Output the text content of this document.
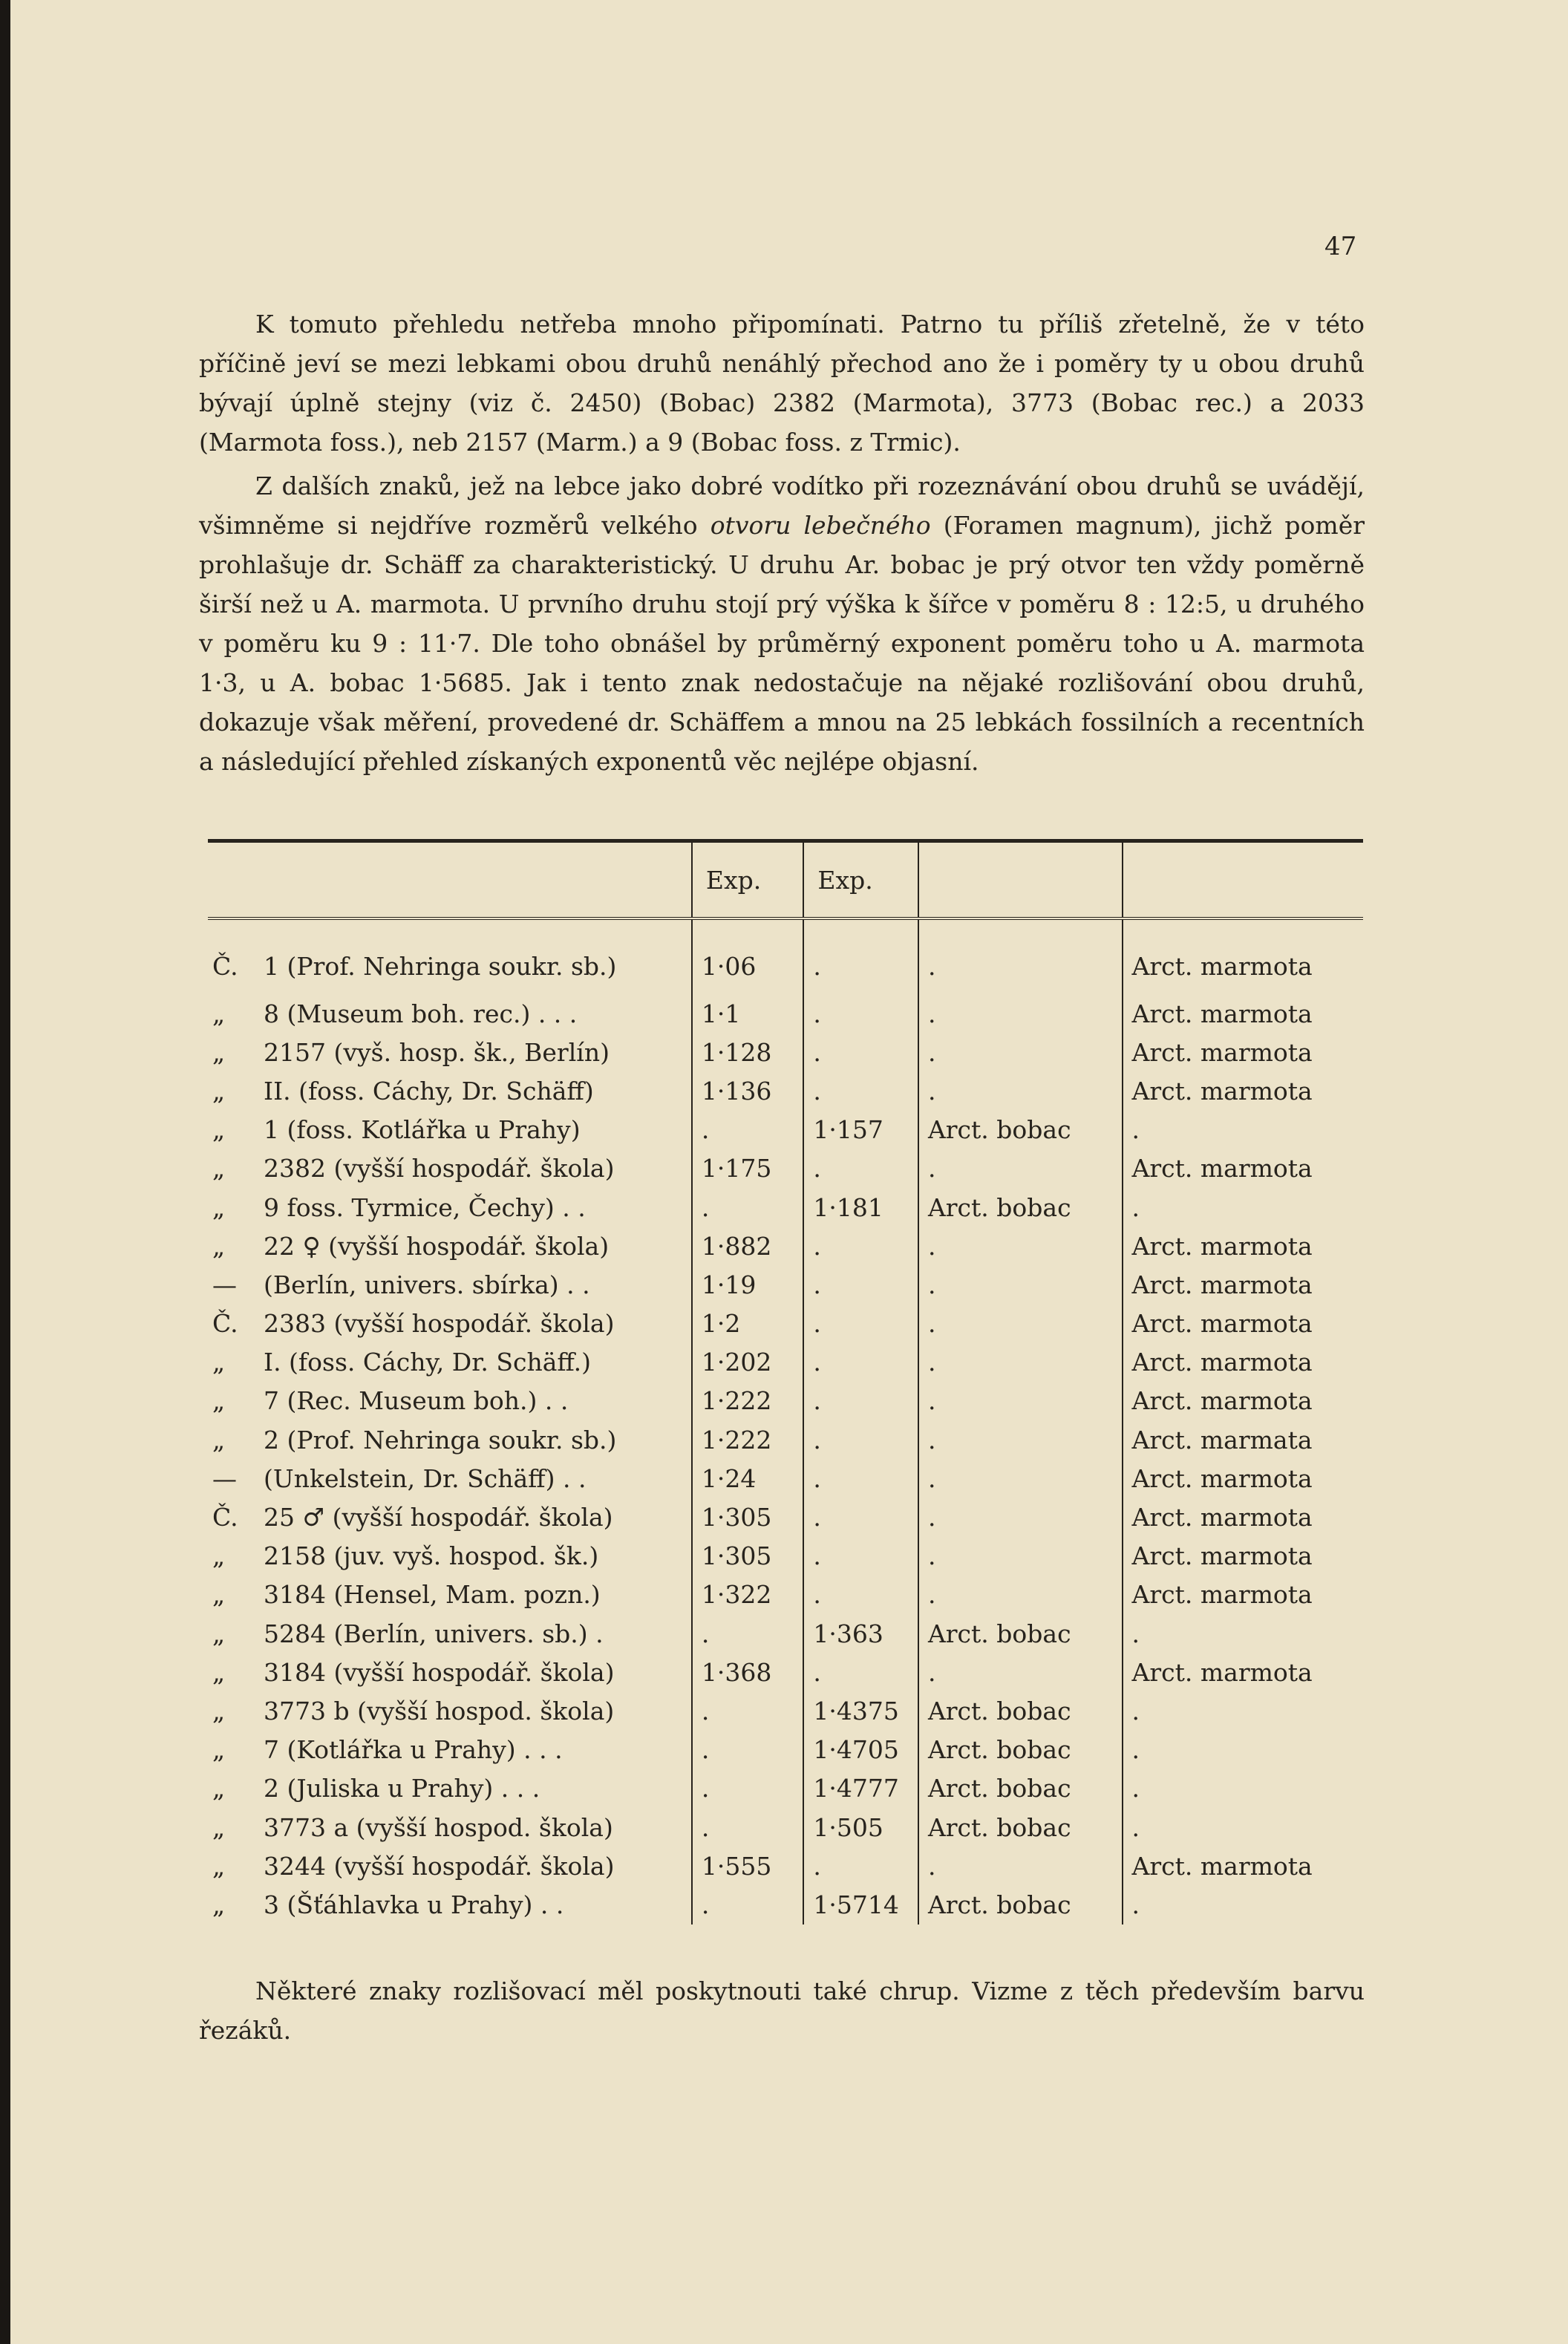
47

K tomuto přehledu netřeba mnoho připomínati. Patrno tu příliš zřetelně, že v této příčině jeví se mezi lebkami obou druhů nenáhlý přechod ano že i poměry ty u obou druhů bývají úplně stejny (viz č. 2450) (Bobac) 2382 (Marmota), 3773 (Bobac rec.) a 2033 (Marmota foss.), neb 2157 (Marm.) a 9 (Bobac foss. z Trmic).

Z dalších znaků, jež na lebce jako dobré vodítko při rozeznávání obou druhů se uvádějí, všimněme si nejdříve rozměrů velkého otvoru lebečného (Foramen magnum), jichž poměr prohlašuje dr. Schäff za charakteristický. U druhu Ar. bobac je prý otvor ten vždy poměrně širší než u A. marmota. U prvního druhu stojí prý výška k šířce v poměru 8 : 12:5, u druhého v poměru ku 9 : 11·7. Dle toho obnášel by průměrný exponent poměru toho u A. marmota 1·3, u A. bobac 1·5685. Jak i tento znak nedostačuje na nějaké rozlišování obou druhů, dokazuje však měření, provedené dr. Schäffem a mnou na 25 lebkách fossilních a recentních a následující přehled získaných exponentů věc nejlépe objasní.

		Exp.	Exp.		
Č.	1 (Prof. Nehringa soukr. sb.)	1·06	.	.	Arct. marmota
„	8 (Museum boh. rec.) . . .	1·1	.	.	Arct. marmota
„	2157 (vyš. hosp. šk., Berlín)	1·128	.	.	Arct. marmota
„	II. (foss. Cáchy, Dr. Schäff)	1·136	.	.	Arct. marmota
„	1 (foss. Kotlářka u Prahy)	.	1·157	Arct. bobac	.
„	2382 (vyšší hospodář. škola)	1·175	.	.	Arct. marmota
„	9 foss. Tyrmice, Čechy) . .	.	1·181	Arct. bobac	.
„	22 ♀ (vyšší hospodář. škola)	1·882	.	.	Arct. marmota
—	(Berlín, univers. sbírka) . .	1·19	.	.	Arct. marmota
Č.	2383 (vyšší hospodář. škola)	1·2	.	.	Arct. marmota
„	I. (foss. Cáchy, Dr. Schäff.)	1·202	.	.	Arct. marmota
„	7 (Rec. Museum boh.) . .	1·222	.	.	Arct. marmota
„	2 (Prof. Nehringa soukr. sb.)	1·222	.	.	Arct. marmata
—	(Unkelstein, Dr. Schäff) . .	1·24	.	.	Arct. marmota
Č.	25 ♂ (vyšší hospodář. škola)	1·305	.	.	Arct. marmota
„	2158 (juv. vyš. hospod. šk.)	1·305	.	.	Arct. marmota
„	3184 (Hensel, Mam. pozn.)	1·322	.	.	Arct. marmota
„	5284 (Berlín, univers. sb.) .	.	1·363	Arct. bobac	.
„	3184 (vyšší hospodář. škola)	1·368	.	.	Arct. marmota
„	3773 b (vyšší hospod. škola)	.	1·4375	Arct. bobac	.
„	7 (Kotlářka u Prahy) . . .	.	1·4705	Arct. bobac	.
„	2 (Juliska u Prahy) . . .	.	1·4777	Arct. bobac	.
„	3773 a (vyšší hospod. škola)	.	1·505	Arct. bobac	.
„	3244 (vyšší hospodář. škola)	1·555	.	.	Arct. marmota
„	3 (Šťáhlavka u Prahy) . .	.	1·5714	Arct. bobac	.

Některé znaky rozlišovací měl poskytnouti také chrup. Vizme z těch především barvu řezáků.
